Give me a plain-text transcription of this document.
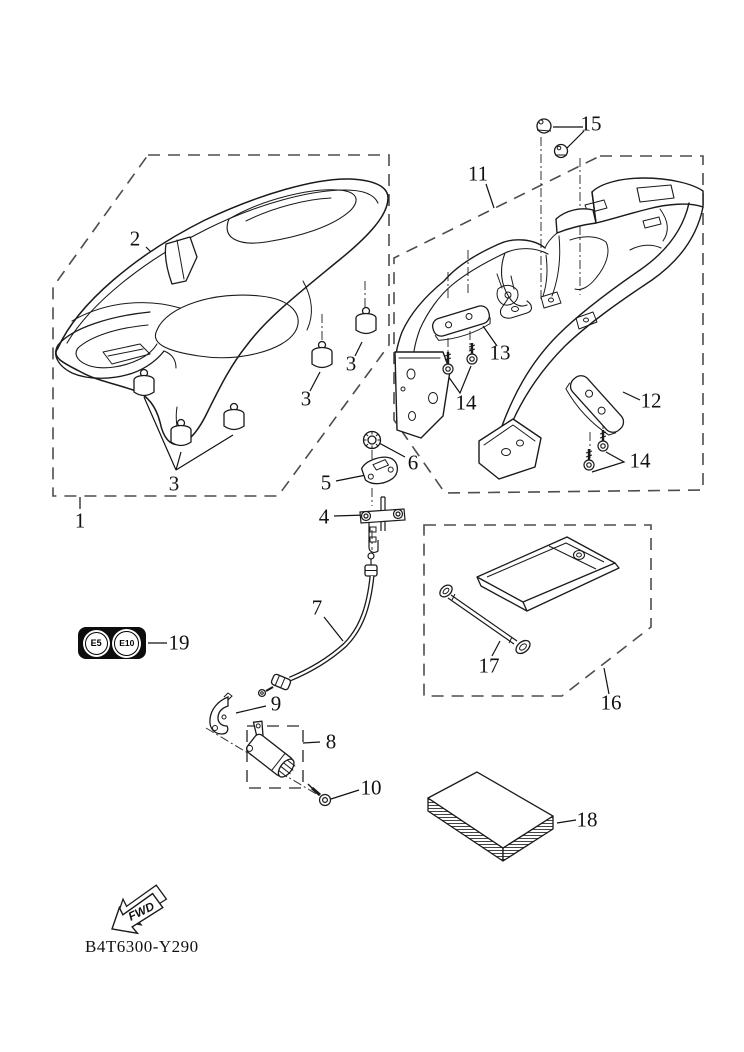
FWD
1
2
3
3
3
4
5
6
7
8
9
10
11
12
13
14
14
15
16
17
18
19
E5	E10
B4T6300-Y290
